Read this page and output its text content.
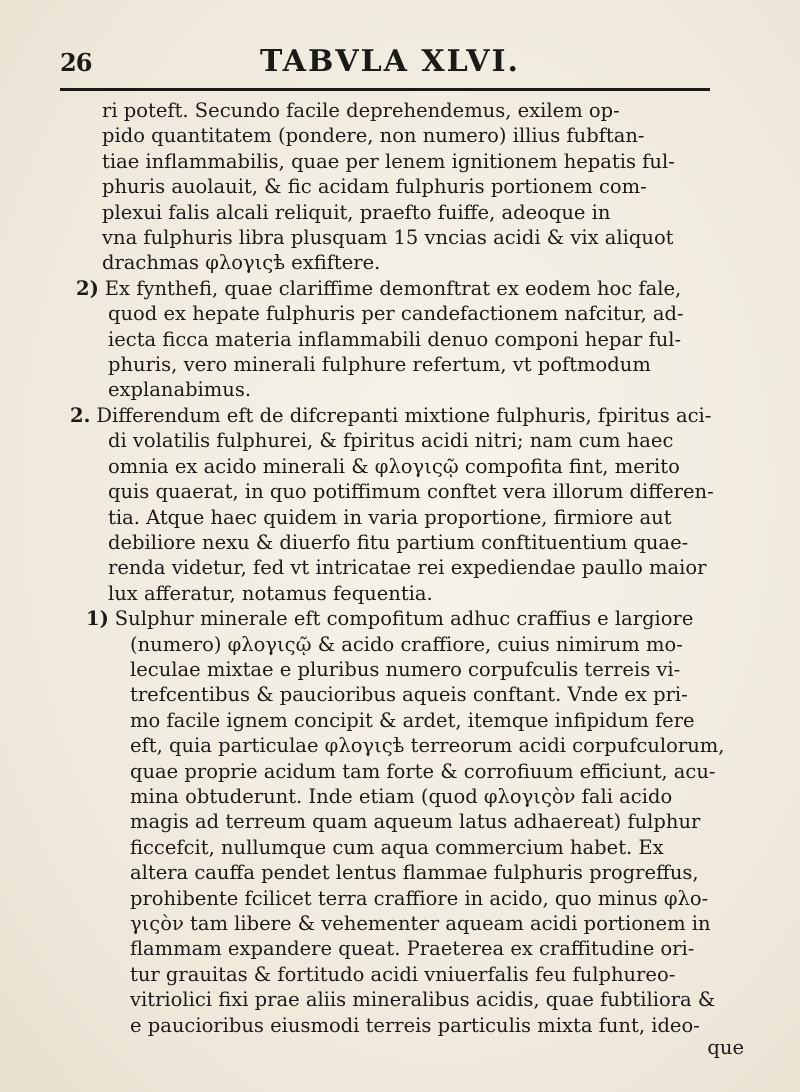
26	TABVLA XLVI.
ri poteft. Secundo facile deprehendemus, exilem op-
pido quantitatem (pondere, non numero) illius fubftan-
tiae inflammabilis, quae per lenem ignitionem hepatis ful-
phuris auolauit, & fic acidam fulphuris portionem com-
plexui falis alcali reliquit, praefto fuiffe, adeoque in
vna fulphuris libra plusquam 15 vncias acidi & vix aliquot
drachmas φλογιςѣ exfiftere.
2) Ex fynthefi, quae clariffime demonftrat ex eodem hoc fale,
quod ex hepate fulphuris per candefactionem nafcitur, ad-
iecta ficca materia inflammabili denuo componi hepar ful-
phuris, vero minerali fulphure refertum, vt poftmodum
explanabimus.
2. Differendum eft de difcrepanti mixtione fulphuris, fpiritus aci-
di volatilis fulphurei, & fpiritus acidi nitri; nam cum haec
omnia ex acido minerali & φλογιςῷ compofita fint, merito
quis quaerat, in quo potiffimum conftet vera illorum differen-
tia. Atque haec quidem in varia proportione, firmiore aut
debiliore nexu & diuerfo fitu partium conftituentium quae-
renda videtur, fed vt intricatae rei expediendae paullo maior
lux afferatur, notamus fequentia.
1) Sulphur minerale eft compofitum adhuc craffius e largiore
(numero) φλογιςῷ & acido craffiore, cuius nimirum mo-
leculae mixtae e pluribus numero corpufculis terreis vi-
trefcentibus & paucioribus aqueis conftant. Vnde ex pri-
mo facile ignem concipit & ardet, itemque infipidum fere
eft, quia particulae φλογιςѣ terreorum acidi corpufculorum,
quae proprie acidum tam forte & corrofiuum efficiunt, acu-
mina obtuderunt. Inde etiam (quod φλογιςὸν fali acido
magis ad terreum quam aqueum latus adhaereat) fulphur
ficcefcit, nullumque cum aqua commercium habet. Ex
altera cauffa pendet lentus flammae fulphuris progreffus,
prohibente fcilicet terra craffiore in acido, quo minus φλο-
γιςὸν tam libere & vehementer aqueam acidi portionem in
flammam expandere queat. Praeterea ex craffitudine ori-
tur grauitas & fortitudo acidi vniuerfalis feu fulphureo-
vitriolici fixi prae aliis mineralibus acidis, quae fubtiliora &
e paucioribus eiusmodi terreis particulis mixta funt, ideo-
que
